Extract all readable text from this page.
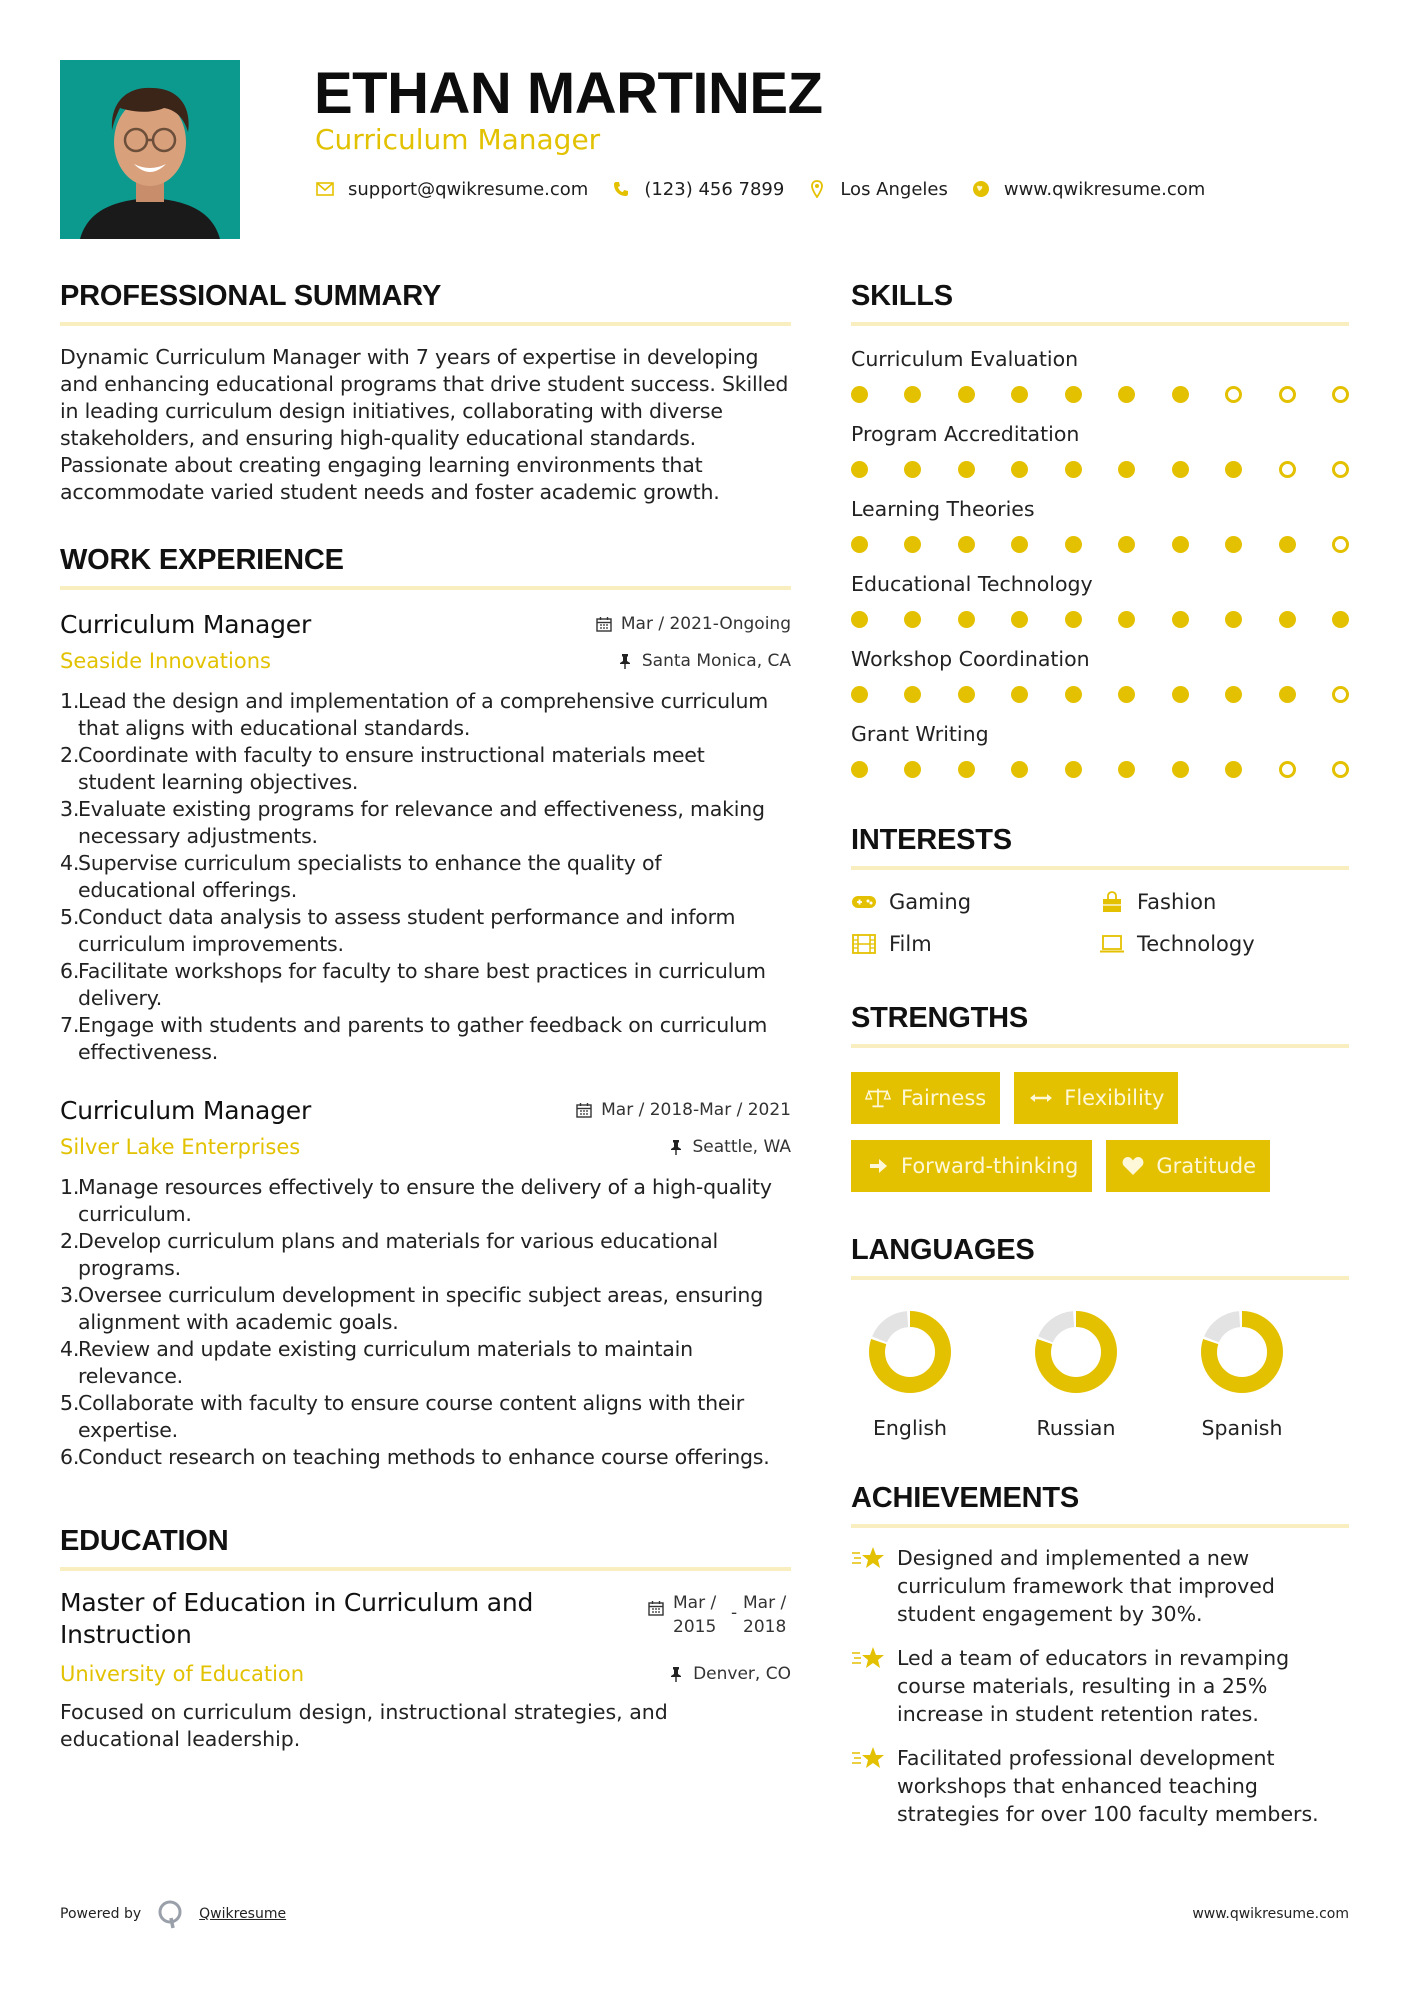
ETHAN MARTINEZ
Curriculum Manager
support@qwikresume.com	(123) 456 7899	Los Angeles	www.qwikresume.com
PROFESSIONAL SUMMARY

Dynamic Curriculum Manager with 7 years of expertise in developing and enhancing educational programs that drive student success. Skilled in leading curriculum design initiatives, collaborating with diverse stakeholders, and ensuring high-quality educational standards. Passionate about creating engaging learning environments that accommodate varied student needs and foster academic growth.

WORK EXPERIENCE
Curriculum Manager	Mar / 2021-Ongoing
Seaside Innovations	Santa Monica, CA
1.
Lead the design and implementation of a comprehensive curriculum that aligns with educational standards.
2.
Coordinate with faculty to ensure instructional materials meet student learning objectives.
3.
Evaluate existing programs for relevance and effectiveness, making necessary adjustments.
4.
Supervise curriculum specialists to enhance the quality of educational offerings.
5.
Conduct data analysis to assess student performance and inform curriculum improvements.
6.
Facilitate workshops for faculty to share best practices in curriculum delivery.
7.
Engage with students and parents to gather feedback on curriculum effectiveness.
Curriculum Manager	Mar / 2018-Mar / 2021
Silver Lake Enterprises	Seattle, WA
1.
Manage resources effectively to ensure the delivery of a high-quality curriculum.
2.
Develop curriculum plans and materials for various educational programs.
3.
Oversee curriculum development in specific subject areas, ensuring alignment with academic goals.
4.
Review and update existing curriculum materials to maintain relevance.
5.
Collaborate with faculty to ensure course content aligns with their expertise.
6.
Conduct research on teaching methods to enhance course offerings.
EDUCATION
Master of Education in Curriculum and Instruction
Mar /
2015
- Mar /
2018
University of Education	Denver, CO

Focused on curriculum design, instructional strategies, and educational leadership.

SKILLS
Curriculum Evaluation
Program Accreditation
Learning Theories
Educational Technology
Workshop Coordination
Grant Writing
INTERESTS
Gaming	Fashion
Film	Technology
STRENGTHS
Fairness	Flexibility
Forward-thinking	Gratitude
LANGUAGES
English	Russian	Spanish
ACHIEVEMENTS
Designed and implemented a new curriculum framework that improved student engagement by 30%.
Led a team of educators in revamping course materials, resulting in a 25% increase in student retention rates.
Facilitated professional development workshops that enhanced teaching strategies for over 100 faculty members.
Powered by	Qwikresume	www.qwikresume.com
